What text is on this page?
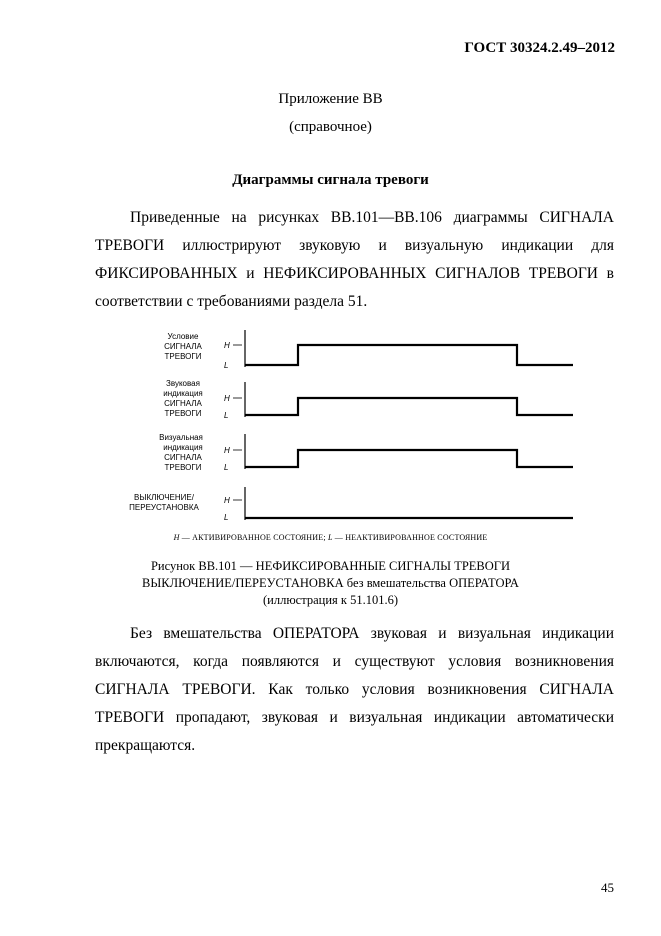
ГОСТ 30324.2.49–2012
Приложение ВВ
(справочное)
Диаграммы сигнала тревоги
Приведенные на рисунках ВВ.101—ВВ.106 диаграммы СИГНАЛА
ТРЕВОГИ иллюстрируют звуковую и визуальную индикации для
ФИКСИРОВАННЫХ и НЕФИКСИРОВАННЫХ СИГНАЛОВ ТРЕВОГИ в
соответствии с требованиями раздела 51.
Условие
СИГНАЛА
ТРЕВОГИ
H
L
Звуковая
индикация
СИГНАЛА
ТРЕВОГИ
H
L
Визуальная
индикация
СИГНАЛА
ТРЕВОГИ
H
L
ВЫКЛЮЧЕНИЕ/
ПЕРЕУСТАНОВКА
H
L
H — АКТИВИРОВАННОЕ СОСТОЯНИЕ; L — НЕАКТИВИРОВАННОЕ СОСТОЯНИЕ
Рисунок ВВ.101 — НЕФИКСИРОВАННЫЕ СИГНАЛЫ ТРЕВОГИ
ВЫКЛЮЧЕНИЕ/ПЕРЕУСТАНОВКА без вмешательства ОПЕРАТОРА
(иллюстрация к 51.101.6)
Без вмешательства ОПЕРАТОРА звуковая и визуальная индикации
включаются, когда появляются и существуют условия возникновения
СИГНАЛА ТРЕВОГИ. Как только условия возникновения СИГНАЛА
ТРЕВОГИ пропадают, звуковая и визуальная индикации автоматически
прекращаются.
45
